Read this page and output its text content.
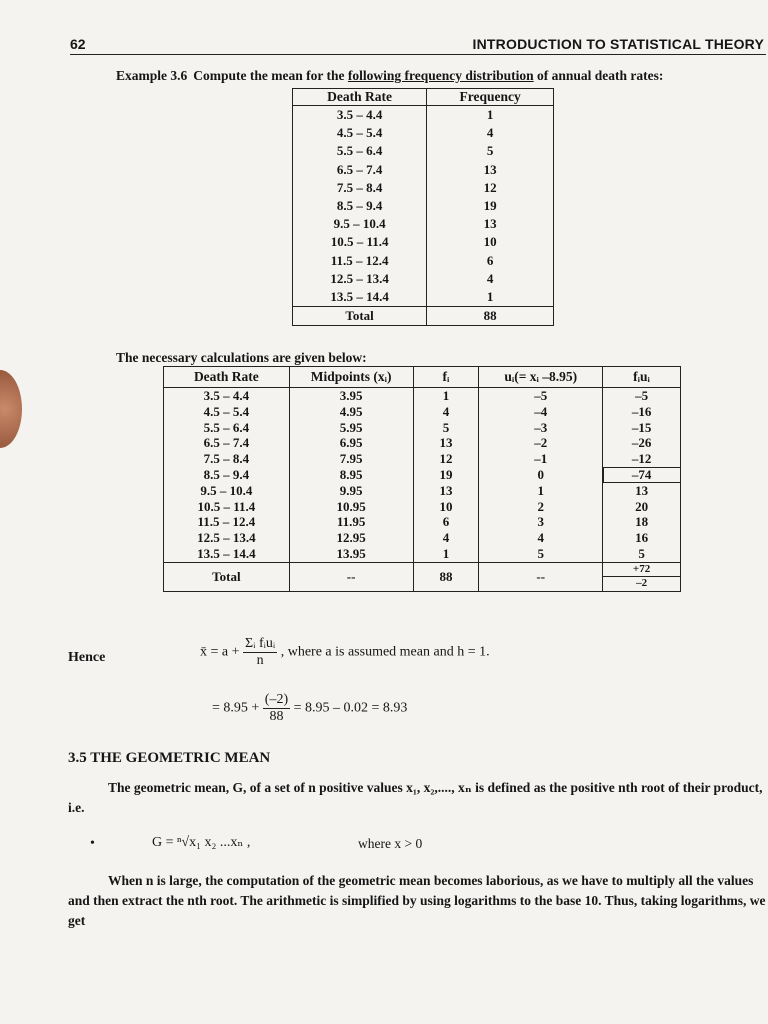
62	INTRODUCTION TO STATISTICAL THEORY
Example 3.6 Compute the mean for the following frequency distribution of annual death rates:
Death Rate	Frequency
3.5 – 4.4	1
4.5 – 5.4	4
5.5 – 6.4	5
6.5 – 7.4	13
7.5 – 8.4	12
8.5 – 9.4	19
9.5 – 10.4	13
10.5 – 11.4	10
11.5 – 12.4	6
12.5 – 13.4	4
13.5 – 14.4	1
Total	88
The necessary calculations are given below:
Death Rate	Midpoints (xᵢ)	fᵢ	uᵢ(= xᵢ –8.95)	fᵢuᵢ
3.5 – 4.4	3.95	1	–5	–5
4.5 – 5.4	4.95	4	–4	–16
5.5 – 6.4	5.95	5	–3	–15
6.5 – 7.4	6.95	13	–2	–26
7.5 – 8.4	7.95	12	–1	–12
8.5 – 9.4	8.95	19	0	–74
9.5 – 10.4	9.95	13	1	13
10.5 – 11.4	10.95	10	2	20
11.5 – 12.4	11.95	6	3	18
12.5 – 13.4	12.95	4	4	16
13.5 – 14.4	13.95	1	5	5
Total	--	88	--	+72
–2
Hence	x̄ = $a + \frac{\text{Σᵢ fᵢuᵢ}}{n}$ , where a is assumed mean and h = 1.
= $8.95 + \frac{(-2)}{88} = 8.95 - 0.02 = 8.93$
3.5 THE GEOMETRIC MEAN
The geometric mean, G, of a set of n positive values x₁, x₂,...., xₙ is defined as the positive nth root of their product, i.e.
•	G = ⁿ√x₁ x₂ ...xₙ ,	where x > 0
When n is large, the computation of the geometric mean becomes laborious, as we have to multiply all the values and then extract the nth root. The arithmetic is simplified by using logarithms to the base 10. Thus, taking logarithms, we get
